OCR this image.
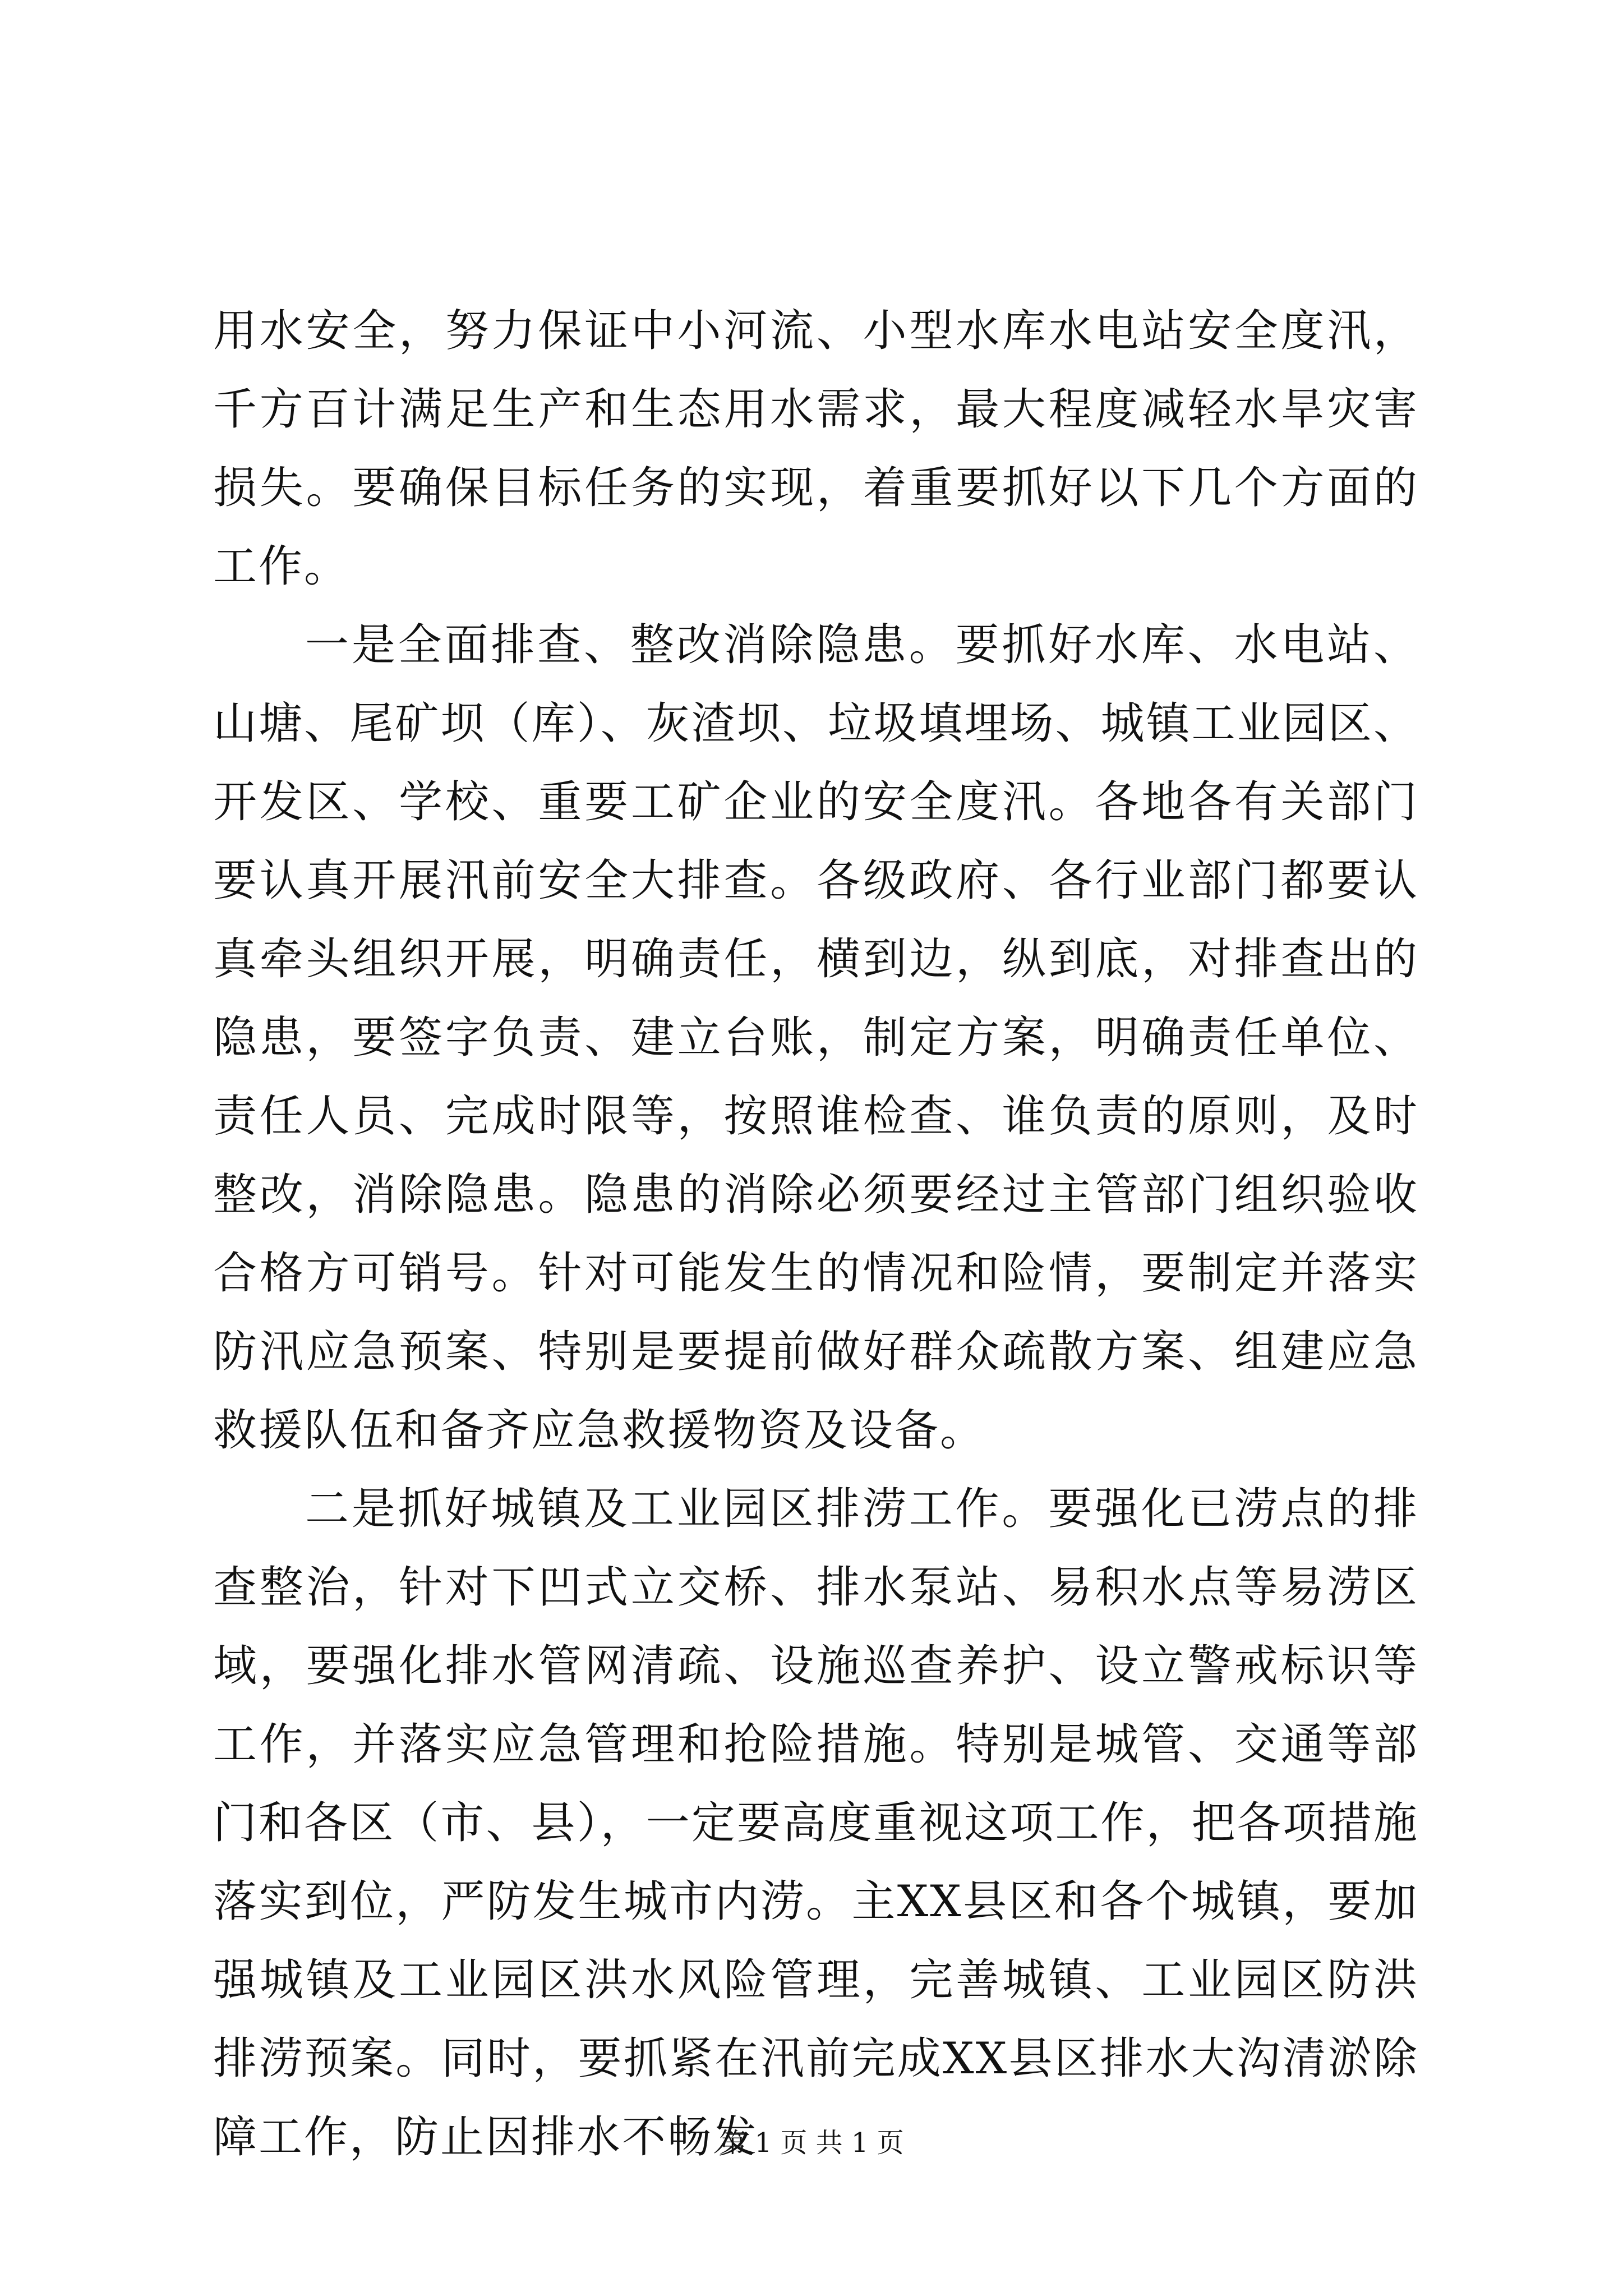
用水安全，努力保证中小河流、小型水库水电站安全度汛，千方百计满足生产和生态用水需求，最大程度减轻水旱灾害损失。要确保目标任务的实现，着重要抓好以下几个方面的工作。

一是全面排查、整改消除隐患。要抓好水库、水电站、山塘、尾矿坝（库）、灰渣坝、垃圾填埋场、城镇工业园区、开发区、学校、重要工矿企业的安全度汛。各地各有关部门要认真开展汛前安全大排查。各级政府、各行业部门都要认真牵头组织开展，明确责任，横到边，纵到底，对排查出的隐患，要签字负责、建立台账，制定方案，明确责任单位、责任人员、完成时限等，按照谁检查、谁负责的原则，及时整改，消除隐患。隐患的消除必须要经过主管部门组织验收合格方可销号。针对可能发生的情况和险情，要制定并落实防汛应急预案、特别是要提前做好群众疏散方案、组建应急救援队伍和备齐应急救援物资及设备。

二是抓好城镇及工业园区排涝工作。要强化已涝点的排查整治，针对下凹式立交桥、排水泵站、易积水点等易涝区域，要强化排水管网清疏、设施巡查养护、设立警戒标识等工作，并落实应急管理和抢险措施。特别是城管、交通等部门和各区（市、县），一定要高度重视这项工作，把各项措施落实到位，严防发生城市内涝。主XX县区和各个城镇，要加强城镇及工业园区洪水风险管理，完善城镇、工业园区防洪排涝预案。同时，要抓紧在汛前完成XX县区排水大沟清淤除障工作，防止因排水不畅发

第 1 页 共 1 页
